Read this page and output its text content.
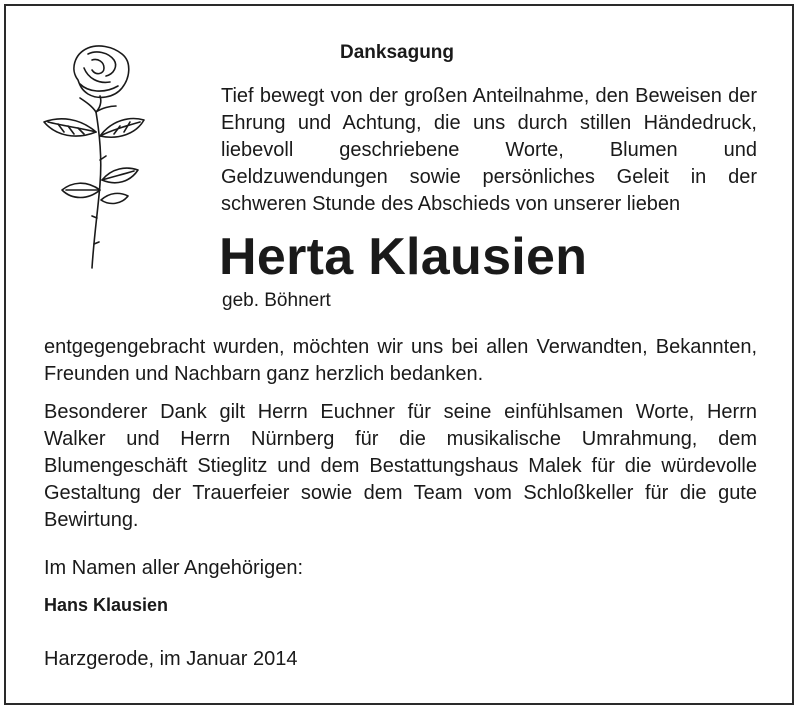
Danksagung

Tief bewegt von der großen Anteilnahme, den Beweisen der Ehrung und Achtung, die uns durch stillen Händedruck, liebevoll geschriebene Worte, Blumen und Geldzuwendungen sowie persönliches Geleit in der schweren Stunde des Abschieds von unserer lieben

Herta Klausien
geb. Böhnert

entgegengebracht wurden, möchten wir uns bei allen Verwandten, Bekannten, Freunden und Nachbarn ganz herzlich bedanken.

Besonderer Dank gilt Herrn Euchner für seine einfühlsamen Worte, Herrn Walker und Herrn Nürnberg für die musikalische Umrahmung, dem Blumengeschäft Stieglitz und dem Bestattungshaus Malek für die würdevolle Gestaltung der Trauerfeier sowie dem Team vom Schloßkeller für die gute Bewirtung.

Im Namen aller Angehörigen:
Hans Klausien
Harzgerode, im Januar 2014
